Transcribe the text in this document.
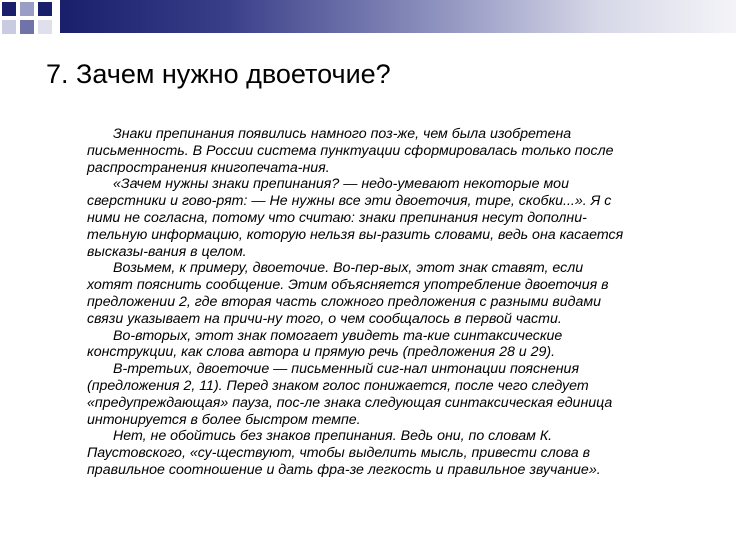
7. Зачем нужно двоеточие?
Знаки препинания появились намного поз-же, чем была изобретена
письменность. В России система пунктуации сформировалась только после
распространения книгопечата-ния.
«Зачем нужны знаки препинания? — недо-умевают некоторые мои
сверстники и гово-рят: — Не нужны все эти двоеточия, тире, скобки...». Я с
ними не согласна, потому что считаю: знаки препинания несут дополни-
тельную информацию, которую нельзя вы-разить словами, ведь она касается
высказы-вания в целом.
Возьмем, к примеру, двоеточие. Во-пер-вых, этот знак ставят, если
хотят пояснить сообщение. Этим объясняется употребление двоеточия в
предложении 2, где вторая часть сложного предложения с разными видами
связи указывает на причи-ну того, о чем сообщалось в первой части.
Во-вторых, этот знак помогает увидеть та-кие синтаксические
конструкции, как слова автора и прямую речь (предложения 28 и 29).
В-третьих, двоеточие — письменный сиг-нал интонации пояснения
(предложения 2, 11). Перед знаком голос понижается, после чего следует
«предупреждающая» пауза, пос-ле знака следующая синтаксическая единица
интонируется в более быстром темпе.
Нет, не обойтись без знаков препинания. Ведь они, по словам К.
Паустовского, «су-ществуют, чтобы выделить мысль, привести слова в
правильное соотношение и дать фра-зе легкость и правильное звучание».
